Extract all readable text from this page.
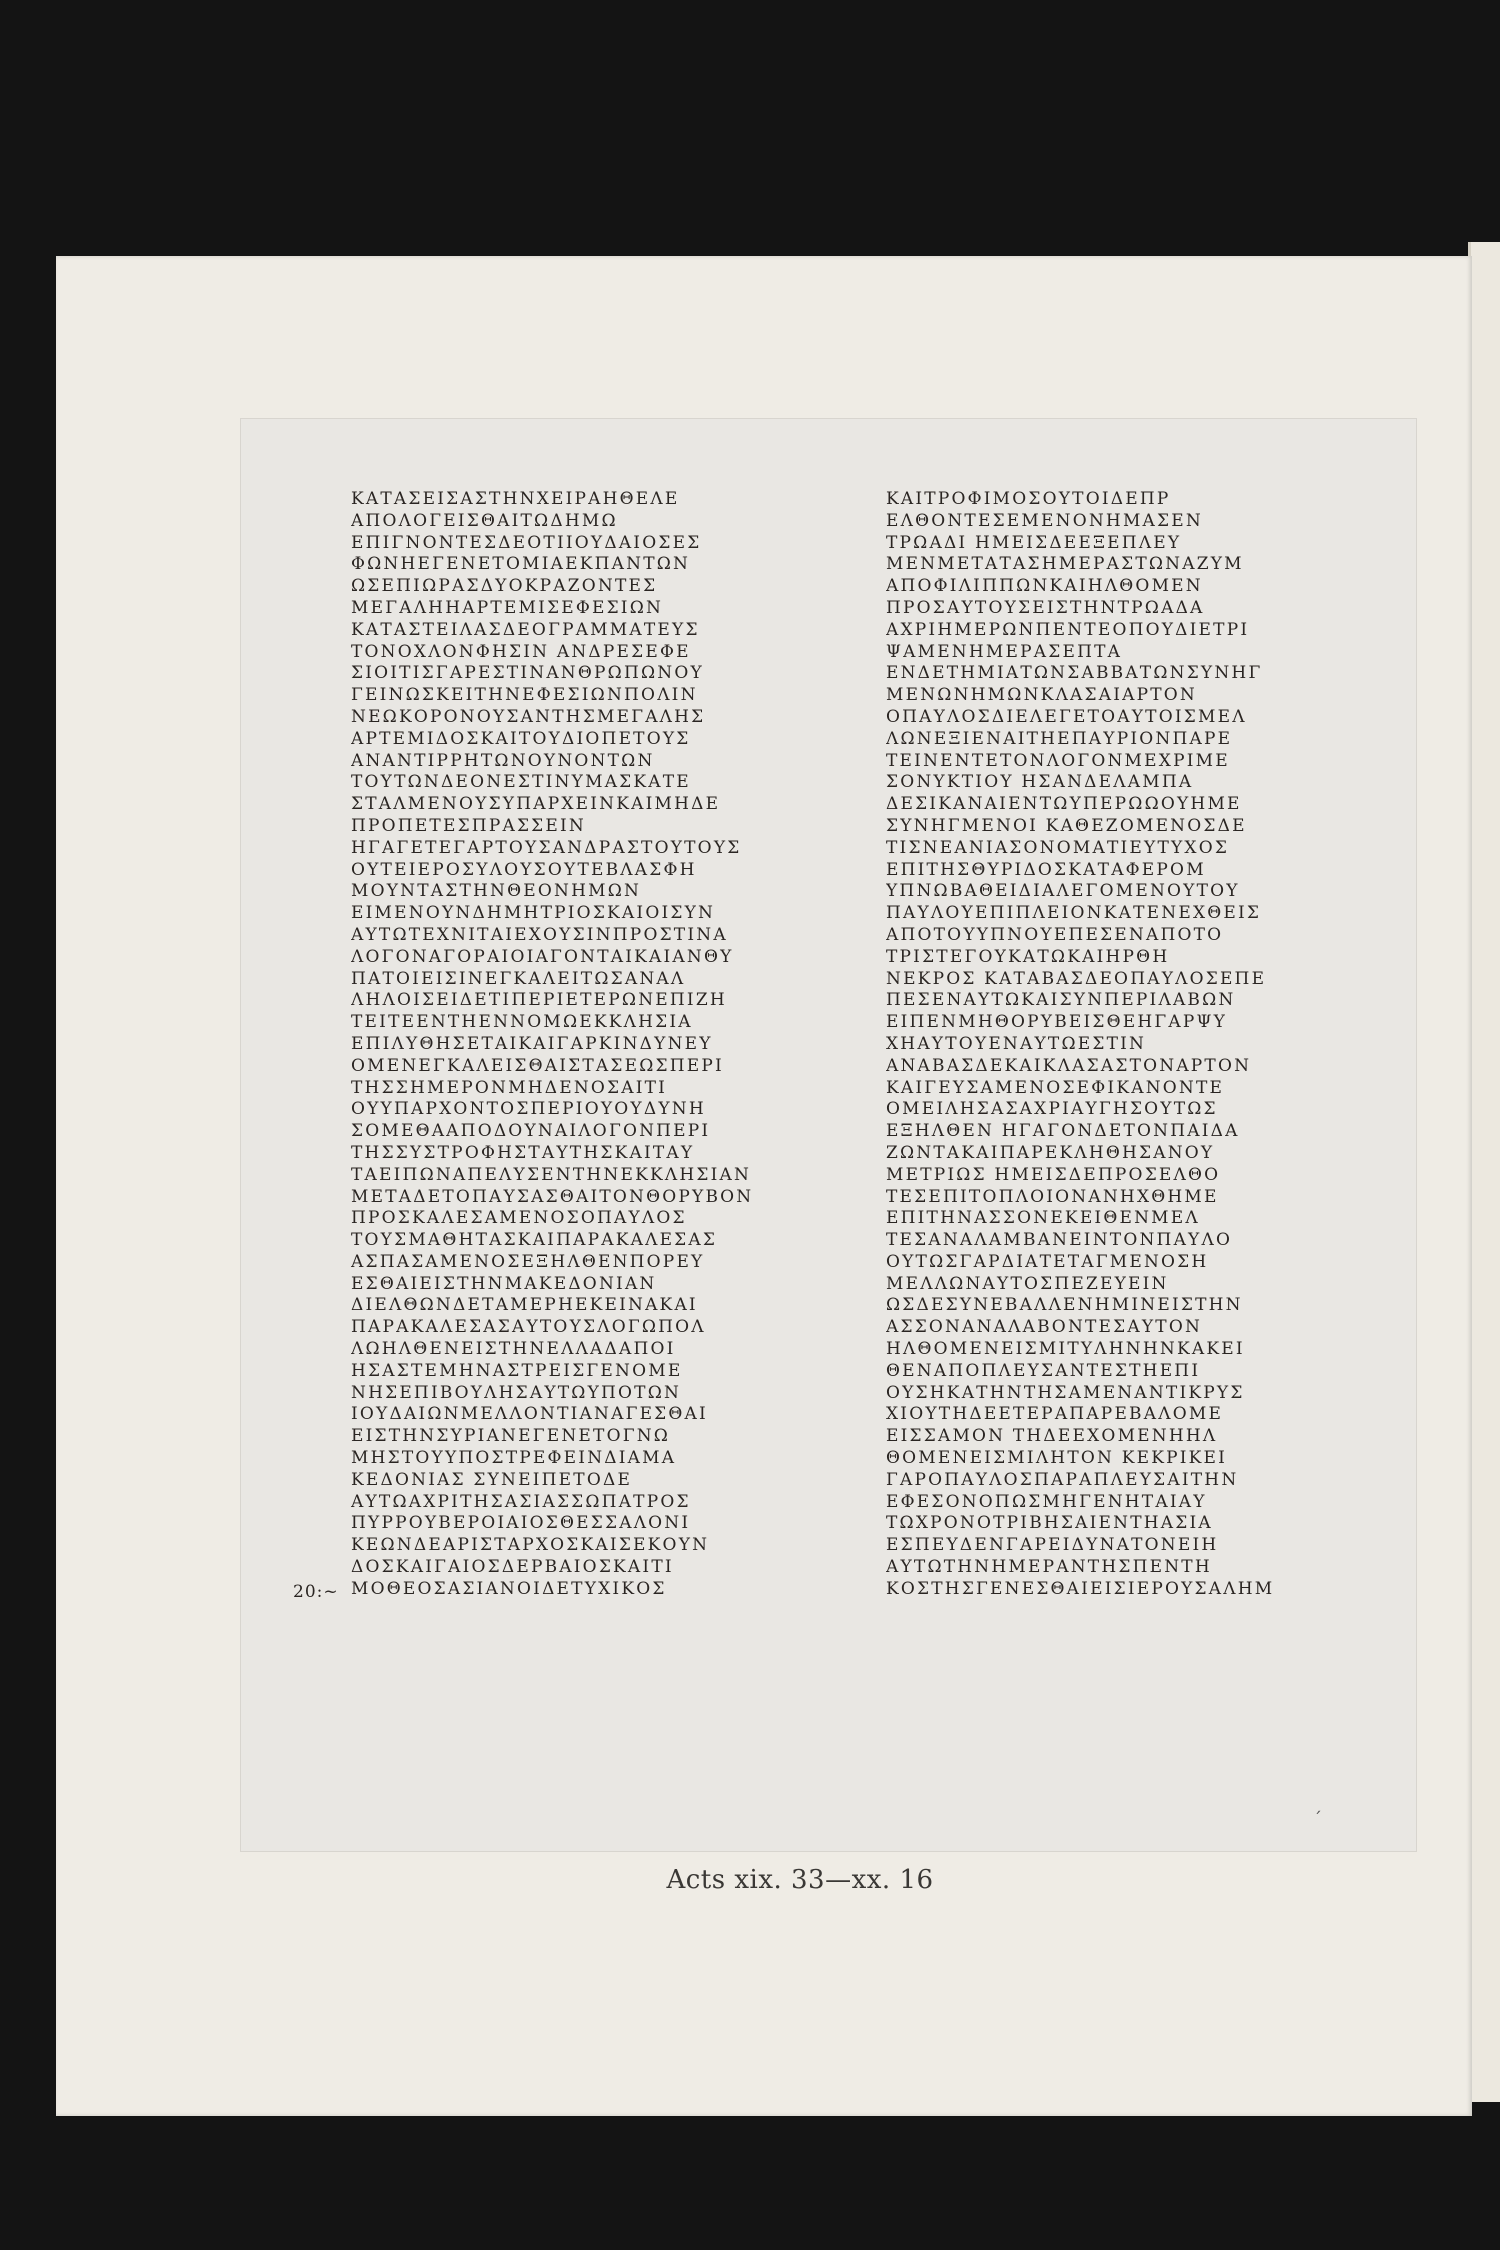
ΚΑΤΑΣΕΙΣΑΣΤΗΝΧΕΙΡΑΗΘΕΛΕ
ΑΠΟΛΟΓΕΙΣΘΑΙΤΩΔΗΜΩ
ΕΠΙΓΝΟΝΤΕΣΔΕΟΤΙΙΟΥΔΑΙΟΣΕΣ
ΦΩΝΗΕΓΕΝΕΤΟΜΙΑΕΚΠΑΝΤΩΝ
ΩΣΕΠΙΩΡΑΣΔΥΟΚΡΑΖΟΝΤΕΣ
ΜΕΓΑΛΗΗΑΡΤΕΜΙΣΕΦΕΣΙΩΝ
ΚΑΤΑΣΤΕΙΛΑΣΔΕΟΓΡΑΜΜΑΤΕΥΣ
ΤΟΝΟΧΛΟΝΦΗΣΙΝ ΑΝΔΡΕΣΕΦΕ
ΣΙΟΙΤΙΣΓΑΡΕΣΤΙΝΑΝΘΡΩΠΩΝΟΥ
ΓΕΙΝΩΣΚΕΙΤΗΝΕΦΕΣΙΩΝΠΟΛΙΝ
ΝΕΩΚΟΡΟΝΟΥΣΑΝΤΗΣΜΕΓΑΛΗΣ
ΑΡΤΕΜΙΔΟΣΚΑΙΤΟΥΔΙΟΠΕΤΟΥΣ
ΑΝΑΝΤΙΡΡΗΤΩΝΟΥΝΟΝΤΩΝ
ΤΟΥΤΩΝΔΕΟΝΕΣΤΙΝΥΜΑΣΚΑΤΕ
ΣΤΑΛΜΕΝΟΥΣΥΠΑΡΧΕΙΝΚΑΙΜΗΔΕ
ΠΡΟΠΕΤΕΣΠΡΑΣΣΕΙΝ
ΗΓΑΓΕΤΕΓΑΡΤΟΥΣΑΝΔΡΑΣΤΟΥΤΟΥΣ
ΟΥΤΕΙΕΡΟΣΥΛΟΥΣΟΥΤΕΒΛΑΣΦΗ
ΜΟΥΝΤΑΣΤΗΝΘΕΟΝΗΜΩΝ
ΕΙΜΕΝΟΥΝΔΗΜΗΤΡΙΟΣΚΑΙΟΙΣΥΝ
ΑΥΤΩΤΕΧΝΙΤΑΙΕΧΟΥΣΙΝΠΡΟΣΤΙΝΑ
ΛΟΓΟΝΑΓΟΡΑΙΟΙΑΓΟΝΤΑΙΚΑΙΑΝΘΥ
ΠΑΤΟΙΕΙΣΙΝΕΓΚΑΛΕΙΤΩΣΑΝΑΛ
ΛΗΛΟΙΣΕΙΔΕΤΙΠΕΡΙΕΤΕΡΩΝΕΠΙΖΗ
ΤΕΙΤΕΕΝΤΗΕΝΝΟΜΩΕΚΚΛΗΣΙΑ
ΕΠΙΛΥΘΗΣΕΤΑΙΚΑΙΓΑΡΚΙΝΔΥΝΕΥ
ΟΜΕΝΕΓΚΑΛΕΙΣΘΑΙΣΤΑΣΕΩΣΠΕΡΙ
ΤΗΣΣΗΜΕΡΟΝΜΗΔΕΝΟΣΑΙΤΙ
ΟΥΥΠΑΡΧΟΝΤΟΣΠΕΡΙΟΥΟΥΔΥΝΗ
ΣΟΜΕΘΑΑΠΟΔΟΥΝΑΙΛΟΓΟΝΠΕΡΙ
ΤΗΣΣΥΣΤΡΟΦΗΣΤΑΥΤΗΣΚΑΙΤΑΥ
ΤΑΕΙΠΩΝΑΠΕΛΥΣΕΝΤΗΝΕΚΚΛΗΣΙΑΝ
ΜΕΤΑΔΕΤΟΠΑΥΣΑΣΘΑΙΤΟΝΘΟΡΥΒΟΝ
ΠΡΟΣΚΑΛΕΣΑΜΕΝΟΣΟΠΑΥΛΟΣ
ΤΟΥΣΜΑΘΗΤΑΣΚΑΙΠΑΡΑΚΑΛΕΣΑΣ
ΑΣΠΑΣΑΜΕΝΟΣΕΞΗΛΘΕΝΠΟΡΕΥ
ΕΣΘΑΙΕΙΣΤΗΝΜΑΚΕΔΟΝΙΑΝ
ΔΙΕΛΘΩΝΔΕΤΑΜΕΡΗΕΚΕΙΝΑΚΑΙ
ΠΑΡΑΚΑΛΕΣΑΣΑΥΤΟΥΣΛΟΓΩΠΟΛ
ΛΩΗΛΘΕΝΕΙΣΤΗΝΕΛΛΑΔΑΠΟΙ
ΗΣΑΣΤΕΜΗΝΑΣΤΡΕΙΣΓΕΝΟΜΕ
ΝΗΣΕΠΙΒΟΥΛΗΣΑΥΤΩΥΠΟΤΩΝ
ΙΟΥΔΑΙΩΝΜΕΛΛΟΝΤΙΑΝΑΓΕΣΘΑΙ
ΕΙΣΤΗΝΣΥΡΙΑΝΕΓΕΝΕΤΟΓΝΩ
ΜΗΣΤΟΥΥΠΟΣΤΡΕΦΕΙΝΔΙΑΜΑ
ΚΕΔΟΝΙΑΣ ΣΥΝΕΙΠΕΤΟΔΕ
ΑΥΤΩΑΧΡΙΤΗΣΑΣΙΑΣΣΩΠΑΤΡΟΣ
ΠΥΡΡΟΥΒΕΡΟΙΑΙΟΣΘΕΣΣΑΛΟΝΙ
ΚΕΩΝΔΕΑΡΙΣΤΑΡΧΟΣΚΑΙΣΕΚΟΥΝ
ΔΟΣΚΑΙΓΑΙΟΣΔΕΡΒΑΙΟΣΚΑΙΤΙ
ΜΟΘΕΟΣΑΣΙΑΝΟΙΔΕΤΥΧΙΚΟΣ
ΚΑΙΤΡΟΦΙΜΟΣΟΥΤΟΙΔΕΠΡ
ΕΛΘΟΝΤΕΣΕΜΕΝΟΝΗΜΑΣΕΝ
ΤΡΩΑΔΙ ΗΜΕΙΣΔΕΕΞΕΠΛΕΥ
ΜΕΝΜΕΤΑΤΑΣΗΜΕΡΑΣΤΩΝΑΖΥΜ
ΑΠΟΦΙΛΙΠΠΩΝΚΑΙΗΛΘΟΜΕΝ
ΠΡΟΣΑΥΤΟΥΣΕΙΣΤΗΝΤΡΩΑΔΑ
ΑΧΡΙΗΜΕΡΩΝΠΕΝΤΕΟΠΟΥΔΙΕΤΡΙ
ΨΑΜΕΝΗΜΕΡΑΣΕΠΤΑ
ΕΝΔΕΤΗΜΙΑΤΩΝΣΑΒΒΑΤΩΝΣΥΝΗΓ
ΜΕΝΩΝΗΜΩΝΚΛΑΣΑΙΑΡΤΟΝ
ΟΠΑΥΛΟΣΔΙΕΛΕΓΕΤΟΑΥΤΟΙΣΜΕΛ
ΛΩΝΕΞΙΕΝΑΙΤΗΕΠΑΥΡΙΟΝΠΑΡΕ
ΤΕΙΝΕΝΤΕΤΟΝΛΟΓΟΝΜΕΧΡΙΜΕ
ΣΟΝΥΚΤΙΟΥ ΗΣΑΝΔΕΛΑΜΠΑ
ΔΕΣΙΚΑΝΑΙΕΝΤΩΥΠΕΡΩΩΟΥΗΜΕ
ΣΥΝΗΓΜΕΝΟΙ ΚΑΘΕΖΟΜΕΝΟΣΔΕ
ΤΙΣΝΕΑΝΙΑΣΟΝΟΜΑΤΙΕΥΤΥΧΟΣ
ΕΠΙΤΗΣΘΥΡΙΔΟΣΚΑΤΑΦΕΡΟΜ
ΥΠΝΩΒΑΘΕΙΔΙΑΛΕΓΟΜΕΝΟΥΤΟΥ
ΠΑΥΛΟΥΕΠΙΠΛΕΙΟΝΚΑΤΕΝΕΧΘΕΙΣ
ΑΠΟΤΟΥΥΠΝΟΥΕΠΕΣΕΝΑΠΟΤΟ
ΤΡΙΣΤΕΓΟΥΚΑΤΩΚΑΙΗΡΘΗ
ΝΕΚΡΟΣ ΚΑΤΑΒΑΣΔΕΟΠΑΥΛΟΣΕΠΕ
ΠΕΣΕΝΑΥΤΩΚΑΙΣΥΝΠΕΡΙΛΑΒΩΝ
ΕΙΠΕΝΜΗΘΟΡΥΒΕΙΣΘΕΗΓΑΡΨΥ
ΧΗΑΥΤΟΥΕΝΑΥΤΩΕΣΤΙΝ
ΑΝΑΒΑΣΔΕΚΑΙΚΛΑΣΑΣΤΟΝΑΡΤΟΝ
ΚΑΙΓΕΥΣΑΜΕΝΟΣΕΦΙΚΑΝΟΝΤΕ
ΟΜΕΙΛΗΣΑΣΑΧΡΙΑΥΓΗΣΟΥΤΩΣ
ΕΞΗΛΘΕΝ ΗΓΑΓΟΝΔΕΤΟΝΠΑΙΔΑ
ΖΩΝΤΑΚΑΙΠΑΡΕΚΛΗΘΗΣΑΝΟΥ
ΜΕΤΡΙΩΣ ΗΜΕΙΣΔΕΠΡΟΣΕΛΘΟ
ΤΕΣΕΠΙΤΟΠΛΟΙΟΝΑΝΗΧΘΗΜΕ
ΕΠΙΤΗΝΑΣΣΟΝΕΚΕΙΘΕΝΜΕΛ
ΤΕΣΑΝΑΛΑΜΒΑΝΕΙΝΤΟΝΠΑΥΛΟ
ΟΥΤΩΣΓΑΡΔΙΑΤΕΤΑΓΜΕΝΟΣΗ
ΜΕΛΛΩΝΑΥΤΟΣΠΕΖΕΥΕΙΝ
ΩΣΔΕΣΥΝΕΒΑΛΛΕΝΗΜΙΝΕΙΣΤΗΝ
ΑΣΣΟΝΑΝΑΛΑΒΟΝΤΕΣΑΥΤΟΝ
ΗΛΘΟΜΕΝΕΙΣΜΙΤΥΛΗΝΗΝΚΑΚΕΙ
ΘΕΝΑΠΟΠΛΕΥΣΑΝΤΕΣΤΗΕΠΙ
ΟΥΣΗΚΑΤΗΝΤΗΣΑΜΕΝΑΝΤΙΚΡΥΣ
ΧΙΟΥΤΗΔΕΕΤΕΡΑΠΑΡΕΒΑΛΟΜΕ
ΕΙΣΣΑΜΟΝ ΤΗΔΕΕΧΟΜΕΝΗΗΛ
ΘΟΜΕΝΕΙΣΜΙΛΗΤΟΝ ΚΕΚΡΙΚΕΙ
ΓΑΡΟΠΑΥΛΟΣΠΑΡΑΠΛΕΥΣΑΙΤΗΝ
ΕΦΕΣΟΝΟΠΩΣΜΗΓΕΝΗΤΑΙΑΥ
ΤΩΧΡΟΝΟΤΡΙΒΗΣΑΙΕΝΤΗΑΣΙΑ
ΕΣΠΕΥΔΕΝΓΑΡΕΙΔΥΝΑΤΟΝΕΙΗ
ΑΥΤΩΤΗΝΗΜΕΡΑΝΤΗΣΠΕΝΤΗ
ΚΟΣΤΗΣΓΕΝΕΣΘΑΙΕΙΣΙΕΡΟΥΣΑΛΗΜ
20:~
ˊ
Acts xix. 33—xx. 16
